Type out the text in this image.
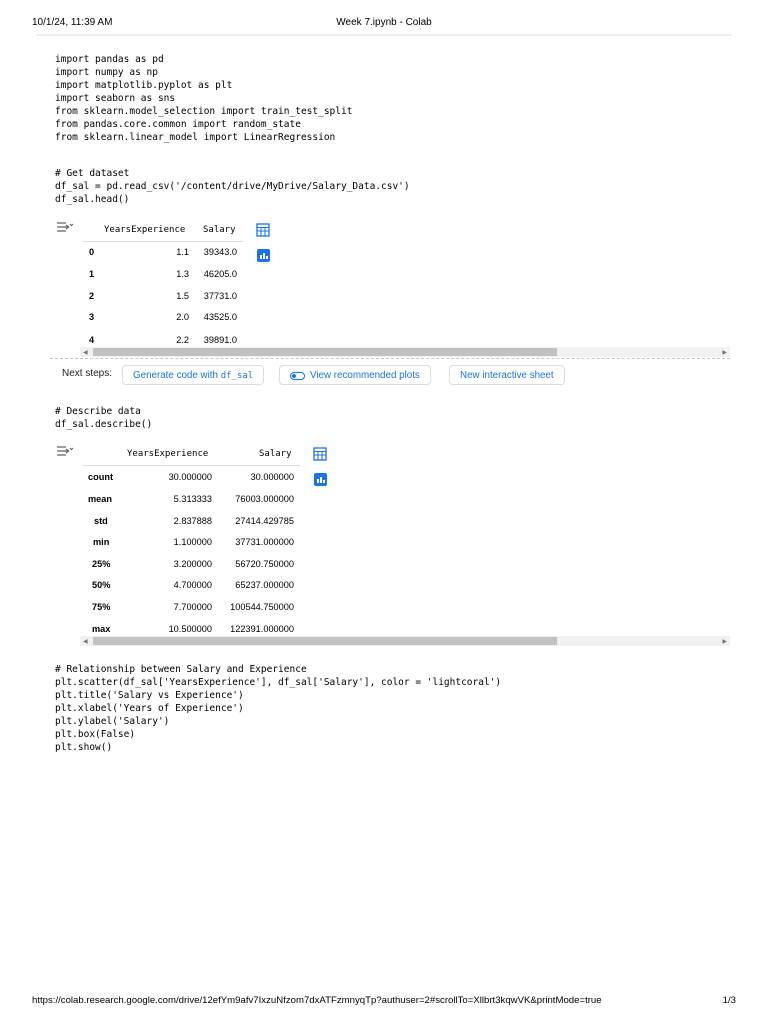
10/1/24, 11:39 AM	Week 7.ipynb - Colab
import pandas as pd
import numpy as np
import matplotlib.pyplot as plt
import seaborn as sns
from sklearn.model_selection import train_test_split
from pandas.core.common import random_state
from sklearn.linear_model import LinearRegression
# Get dataset
df_sal = pd.read_csv('/content/drive/MyDrive/Salary_Data.csv')
df_sal.head()
YearsExperience Salary
0	1.1	39343.0
1	1.3	46205.0
2	1.5	37731.0
3	2.0	43525.0
4	2.2	39891.0
◀	▶
Next steps:	Generate code with df_sal	View recommended plots	New interactive sheet
# Describe data
df_sal.describe()
YearsExperience	Salary
count	30.000000	30.000000
mean	5.313333	76003.000000
std	2.837888	27414.429785
min	1.100000	37731.000000
25%	3.200000	56720.750000
50%	4.700000	65237.000000
75%	7.700000	100544.750000
max	10.500000	122391.000000
◀	▶
# Relationship between Salary and Experience
plt.scatter(df_sal['YearsExperience'], df_sal['Salary'], color = 'lightcoral')
plt.title('Salary vs Experience')
plt.xlabel('Years of Experience')
plt.ylabel('Salary')
plt.box(False)
plt.show()
https://colab.research.google.com/drive/12efYm9afv7IxzuNfzom7dxATFzmnyqTp?authuser=2#scrollTo=Xllbrt3kqwVK&printMode=true	1/3
